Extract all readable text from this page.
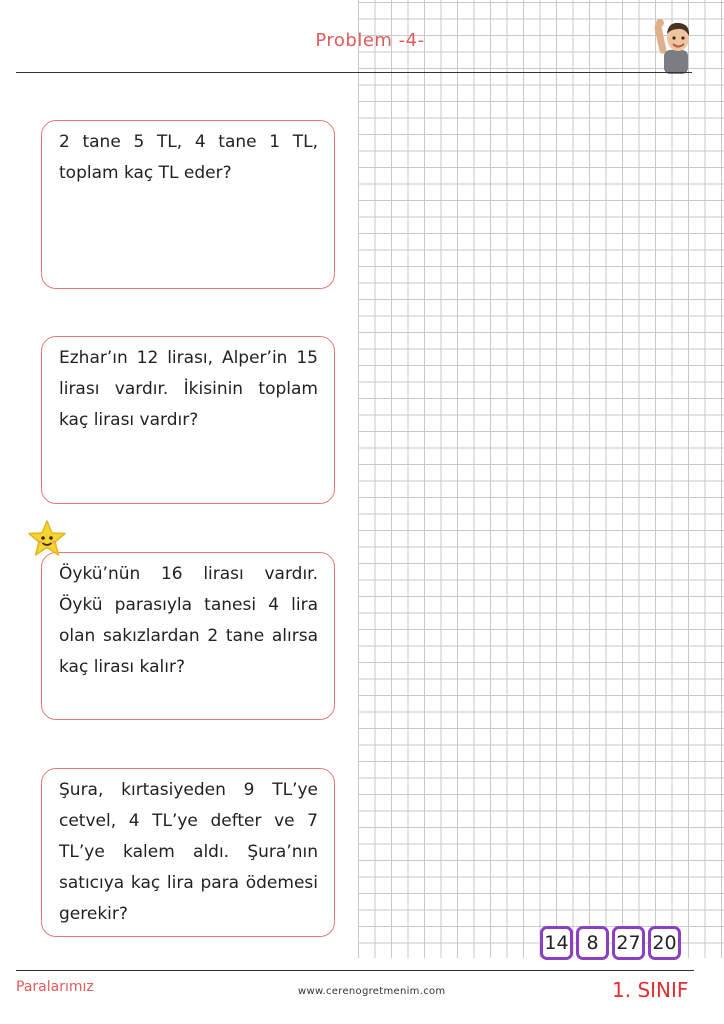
Problem -4-
2 tane 5 TL, 4 tane 1 TL, toplam kaç TL eder?
Ezhar’ın 12 lirası, Alper’in 15 lirası vardır. İkisinin toplam kaç lirası vardır?
Öykü’nün 16 lirası vardır. Öykü parasıyla tanesi 4 lira olan sakızlardan 2 tane alırsa kaç lirası kalır?
Şura, kırtasiyeden 9 TL’ye cetvel, 4 TL’ye defter ve 7 TL’ye kalem aldı. Şura’nın satıcıya kaç lira para ödemesi gerekir?
14 8 27 20
Paralarımız	www.cerenogretmenim.com	1. SINIF
